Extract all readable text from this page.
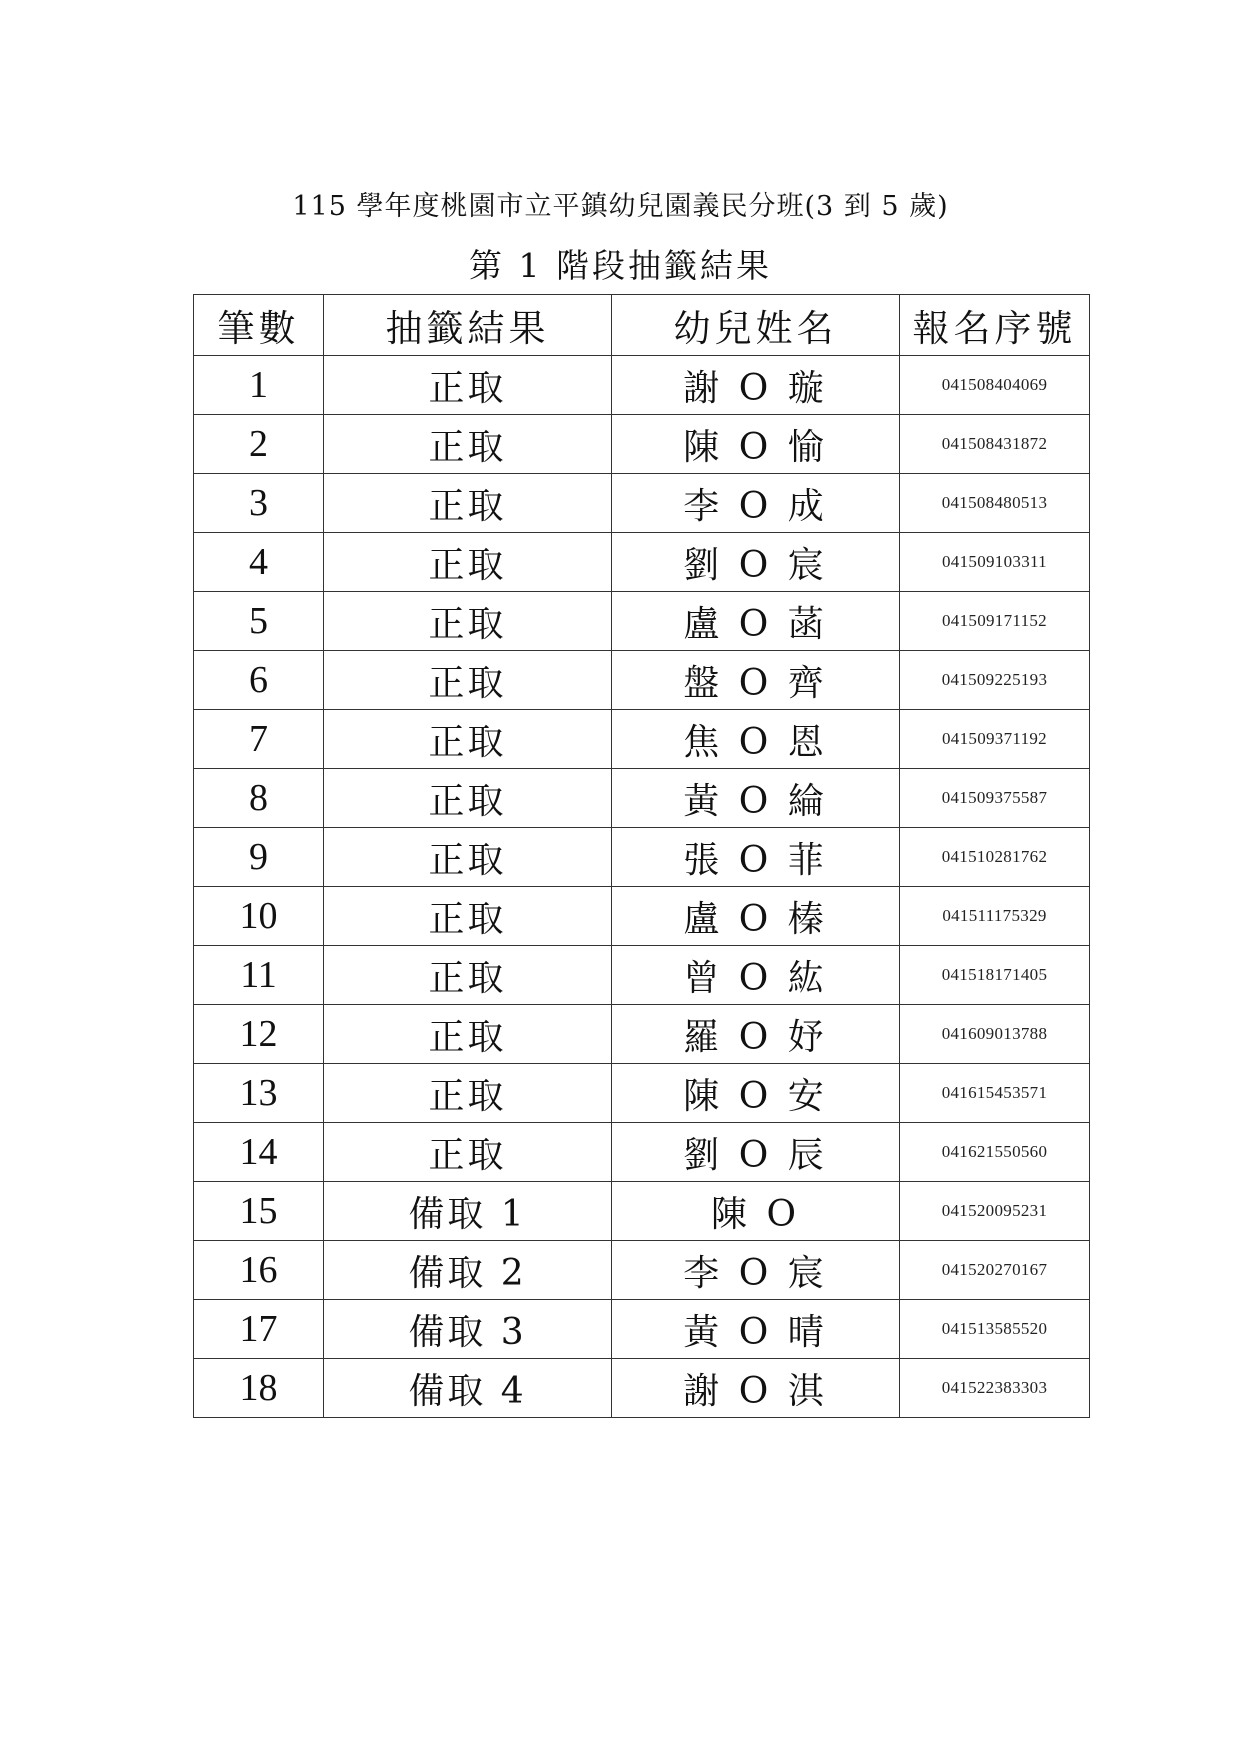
115 學年度桃園市立平鎮幼兒園義民分班(3 到 5 歲)
第 1 階段抽籤結果
筆數	抽籤結果	幼兒姓名	報名序號
1	正取	謝 O 璇	041508404069
2	正取	陳 O 愉	041508431872
3	正取	李 O 成	041508480513
4	正取	劉 O 宸	041509103311
5	正取	盧 O 菡	041509171152
6	正取	盤 O 齊	041509225193
7	正取	焦 O 恩	041509371192
8	正取	黃 O 綸	041509375587
9	正取	張 O 菲	041510281762
10	正取	盧 O 榛	041511175329
11	正取	曾 O 紘	041518171405
12	正取	羅 O 妤	041609013788
13	正取	陳 O 安	041615453571
14	正取	劉 O 辰	041621550560
15	備取 1	陳 O	041520095231
16	備取 2	李 O 宸	041520270167
17	備取 3	黃 O 晴	041513585520
18	備取 4	謝 O 淇	041522383303
